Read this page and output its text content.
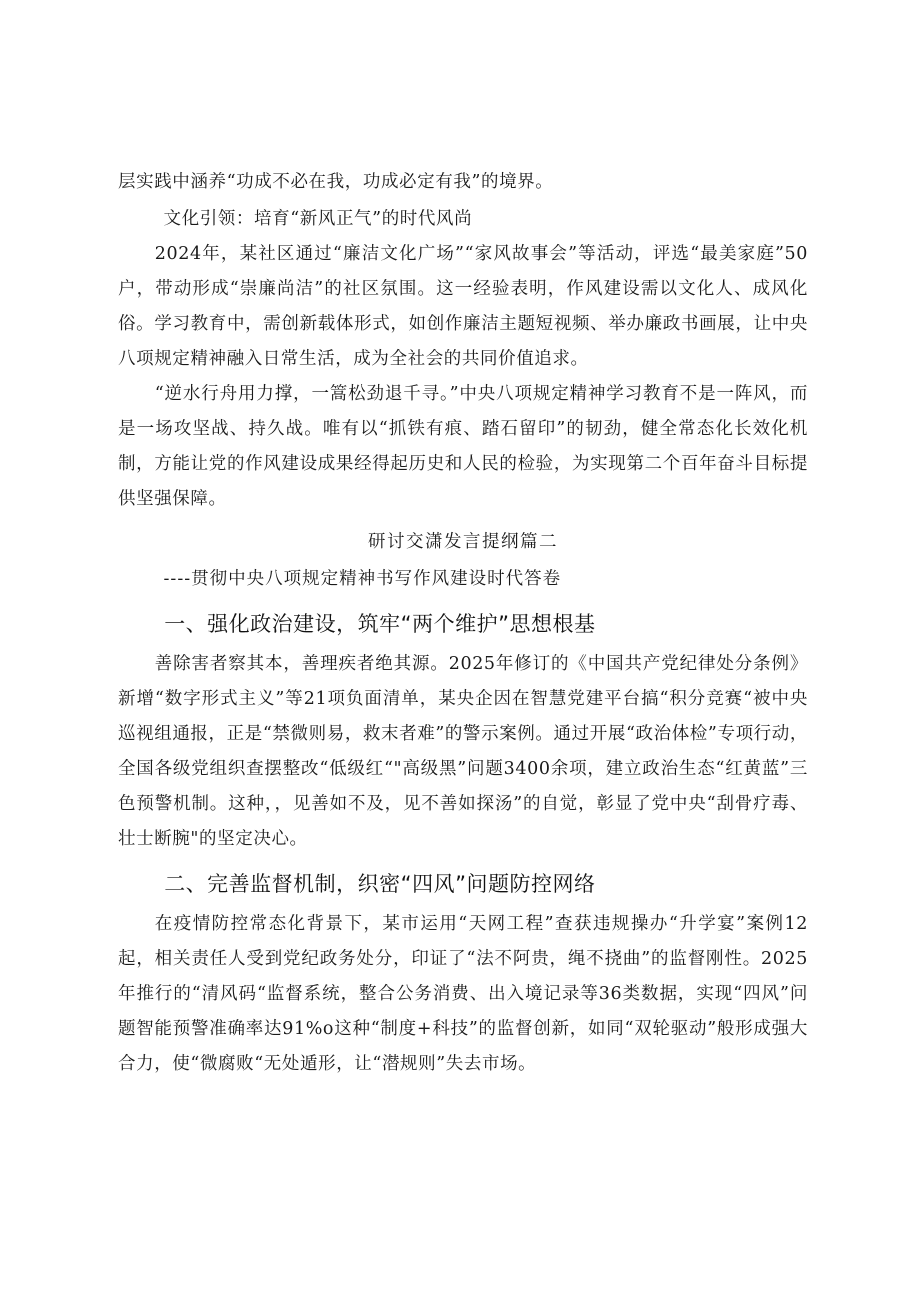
层实践中涵养“功成不必在我，功成必定有我”的境界。

文化引领：培育“新风正气”的时代风尚

2024年，某社区通过“廉洁文化广场”“家风故事会”等活动，评选“最美家庭”50户，带动形成“崇廉尚洁”的社区氛围。这一经验表明，作风建设需以文化人、成风化俗。学习教育中，需创新载体形式，如创作廉洁主题短视频、举办廉政书画展，让中央八项规定精神融入日常生活，成为全社会的共同价值追求。

“逆水行舟用力撑，一篙松劲退千寻。”中央八项规定精神学习教育不是一阵风，而是一场攻坚战、持久战。唯有以“抓铁有痕、踏石留印”的韧劲，健全常态化长效化机制，方能让党的作风建设成果经得起历史和人民的检验，为实现第二个百年奋斗目标提供坚强保障。

研讨交潇发言提纲篇二

----贯彻中央八项规定精神书写作风建设时代答卷

一、强化政治建设，筑牢“两个维护”思想根基

善除害者察其本，善理疾者绝其源。2025年修订的《中国共产党纪律处分条例》新增“数字形式主义”等21项负面清单，某央企因在智慧党建平台搞“积分竞赛“被中央巡视组通报，正是“禁微则易，救末者难”的警示案例。通过开展“政治体检”专项行动，全国各级党组织查摆整改“低级红“"高级黑”问题3400余项，建立政治生态“红黄蓝”三色预警机制。这种，，见善如不及，见不善如探汤”的自觉，彰显了党中央“刮骨疗毒、壮士断腕"的坚定决心。

二、完善监督机制，织密“四风”问题防控网络

在疫情防控常态化背景下，某市运用“天网工程”查获违规操办“升学宴”案例12起，相关责任人受到党纪政务处分，印证了“法不阿贵，绳不挠曲”的监督刚性。2025年推行的“清风码“监督系统，整合公务消费、出入境记录等36类数据，实现“四风”问题智能预警准确率达91%o这种“制度+科技”的监督创新，如同“双轮驱动”般形成强大合力，使“微腐败“无处遁形，让“潜规则”失去市场。
